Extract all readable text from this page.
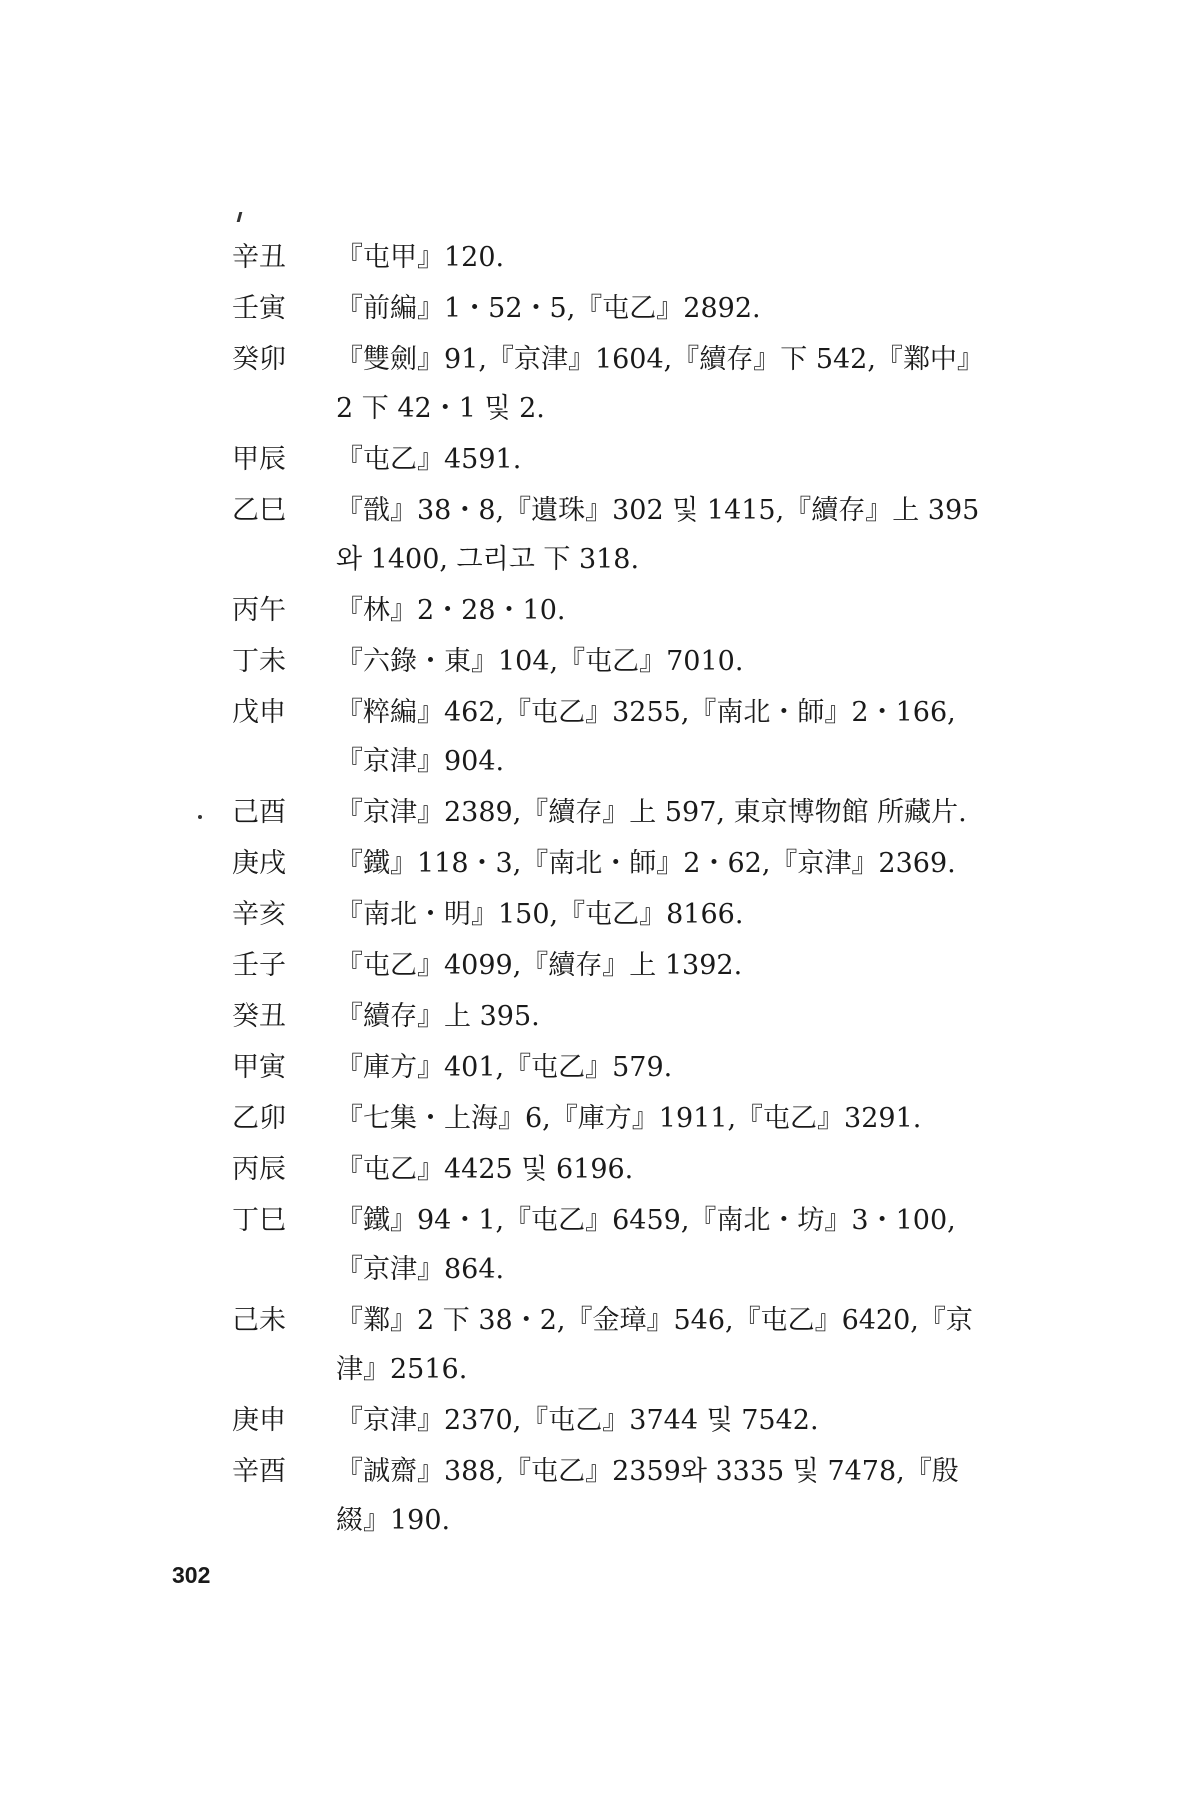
辛丑	『屯甲』120.
壬寅	『前編』1・52・5,『屯乙』2892.
癸卯	『雙劍』91,『京津』1604,『續存』下 542,『鄴中』2 下 42・1 및 2.
甲辰	『屯乙』4591.
乙巳	『戩』38・8,『遺珠』302 및 1415,『續存』上 395와 1400, 그리고 下 318.
丙午	『林』2・28・10.
丁未	『六錄・東』104,『屯乙』7010.
戊申	『粹編』462,『屯乙』3255,『南北・師』2・166,『京津』904.
己酉	『京津』2389,『續存』上 597, 東京博物館 所藏片.
庚戌	『鐵』118・3,『南北・師』2・62,『京津』2369.
辛亥	『南北・明』150,『屯乙』8166.
壬子	『屯乙』4099,『續存』上 1392.
癸丑	『續存』上 395.
甲寅	『庫方』401,『屯乙』579.
乙卯	『七集・上海』6,『庫方』1911,『屯乙』3291.
丙辰	『屯乙』4425 및 6196.
丁巳	『鐵』94・1,『屯乙』6459,『南北・坊』3・100,『京津』864.
己未	『鄴』2 下 38・2,『金璋』546,『屯乙』6420,『京津』2516.
庚申	『京津』2370,『屯乙』3744 및 7542.
辛酉	『誠齋』388,『屯乙』2359와 3335 및 7478,『殷綴』190.
302
